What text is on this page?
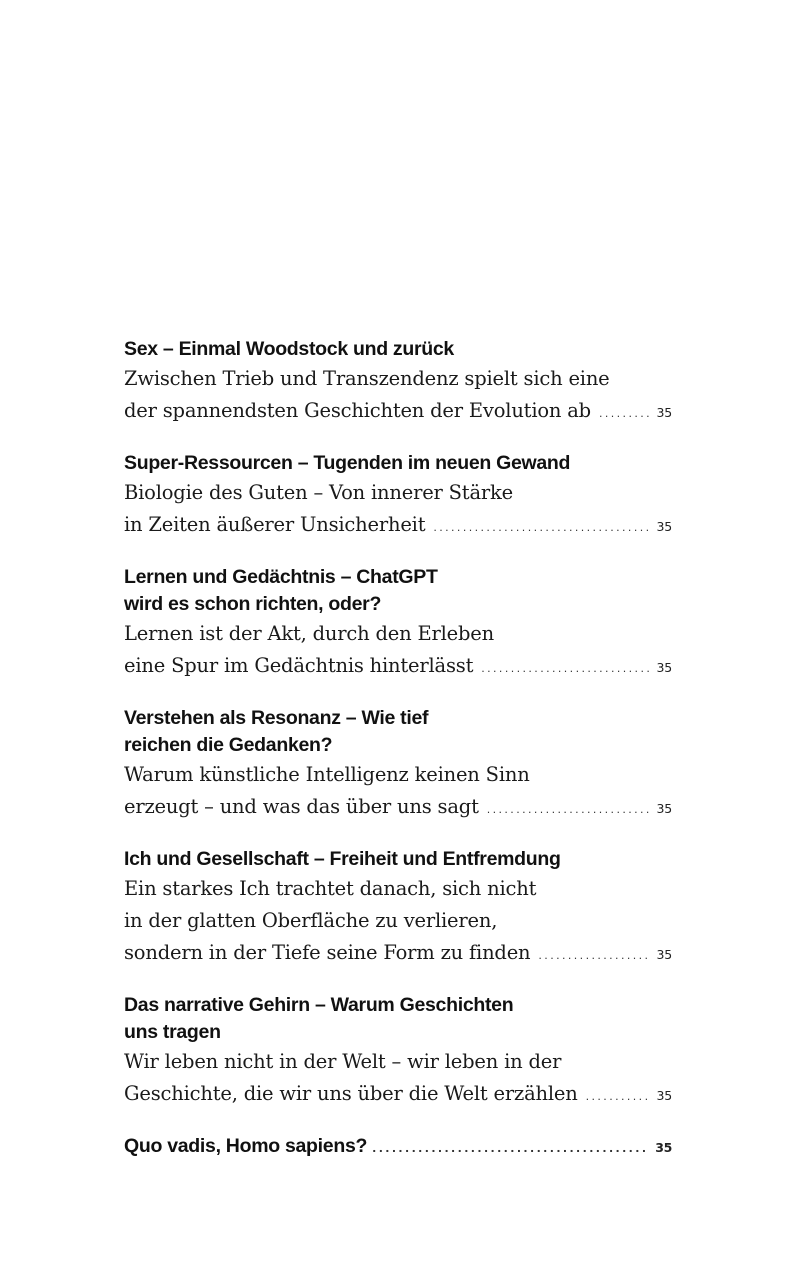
Sex – Einmal Woodstock und zurück
Zwischen Trieb und Transzendenz spielt sich eine
der spannendsten Geschichten der Evolution ab .....	35
Super-Ressourcen – Tugenden im neuen Gewand
Biologie des Guten – Von innerer Stärke
in Zeiten äußerer Unsicherheit .....	35
Lernen und Gedächtnis – ChatGPT
wird es schon richten, oder?
Lernen ist der Akt, durch den Erleben
eine Spur im Gedächtnis hinterlässt .....	35
Verstehen als Resonanz – Wie tief
reichen die Gedanken?
Warum künstliche Intelligenz keinen Sinn
erzeugt – und was das über uns sagt .....	35
Ich und Gesellschaft – Freiheit und Entfremdung
Ein starkes Ich trachtet danach, sich nicht
in der glatten Oberfläche zu verlieren,
sondern in der Tiefe seine Form zu finden .....	35
Das narrative Gehirn – Warum Geschichten
uns tragen
Wir leben nicht in der Welt – wir leben in der
Geschichte, die wir uns über die Welt erzählen .....	35
Quo vadis, Homo sapiens? .....	35
